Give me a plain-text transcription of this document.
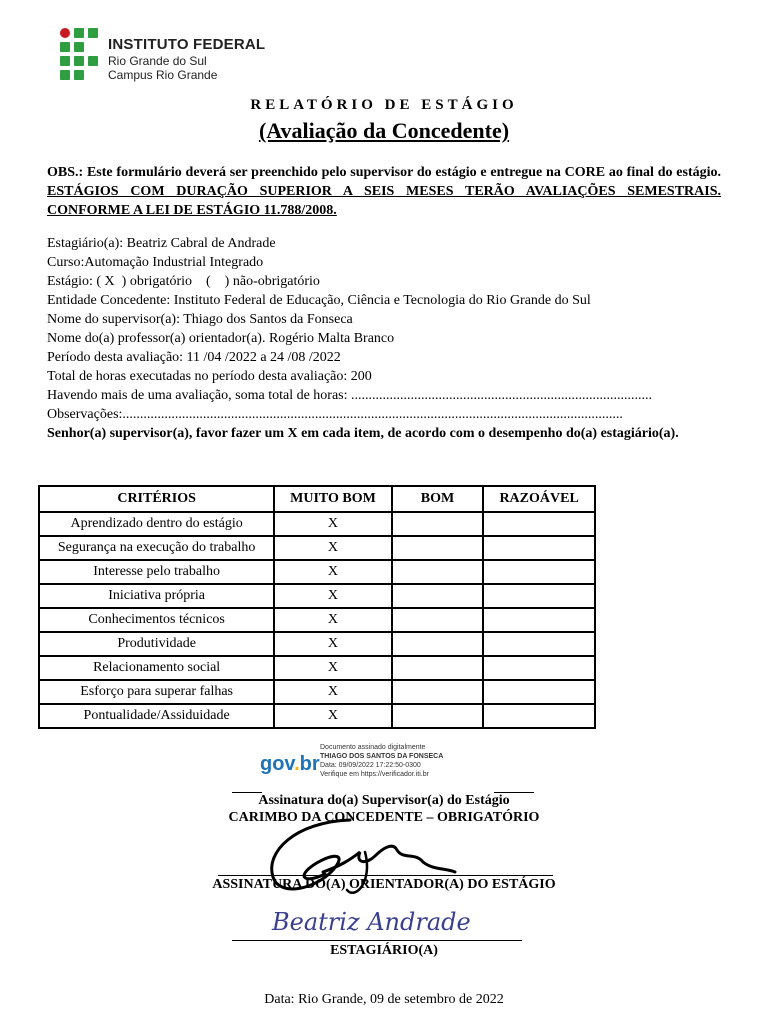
INSTITUTO FEDERAL
Rio Grande do Sul
Campus Rio Grande
RELATÓRIO DE ESTÁGIO
(Avaliação da Concedente)
OBS.: Este formulário deverá ser preenchido pelo supervisor do estágio e entregue na CORE ao final do estágio. ESTÁGIOS COM DURAÇÃO SUPERIOR A SEIS MESES TERÃO AVALIAÇÕES SEMESTRAIS. CONFORME A LEI DE ESTÁGIO 11.788/2008.
Estagiário(a): Beatriz Cabral de Andrade
Curso:Automação Industrial Integrado
Estágio: ( X  ) obrigatório    (    ) não-obrigatório
Entidade Concedente: Instituto Federal de Educação, Ciência e Tecnologia do Rio Grande do Sul
Nome do supervisor(a): Thiago dos Santos da Fonseca
Nome do(a) professor(a) orientador(a). Rogério Malta Branco
Período desta avaliação: 11 /04 /2022 a 24 /08 /2022
Total de horas executadas no período desta avaliação: 200
Havendo mais de uma avaliação, soma total de horas: ......................................................................................
Observações:...............................................................................................................................................
Senhor(a) supervisor(a), favor fazer um X em cada item, de acordo com o desempenho do(a) estagiário(a).
CRITÉRIOS	MUITO BOM	BOM	RAZOÁVEL
Aprendizado dentro do estágio	X		
Segurança na execução do trabalho	X		
Interesse pelo trabalho	X		
Iniciativa própria	X		
Conhecimentos técnicos	X		
Produtividade	X		
Relacionamento social	X		
Esforço para superar falhas	X		
Pontualidade/Assiduidade	X		
gov.br
Documento assinado digitalmente
THIAGO DOS SANTOS DA FONSECA
Data: 09/09/2022 17:22:50-0300
Verifique em https://verificador.iti.br
Assinatura do(a) Supervisor(a) do Estágio
CARIMBO DA CONCEDENTE – OBRIGATÓRIO
ASSINATURA DO(A) ORIENTADOR(A) DO ESTÁGIO
ESTAGIÁRIO(A)
Beatriz Andrade
Data: Rio Grande, 09 de setembro de 2022
